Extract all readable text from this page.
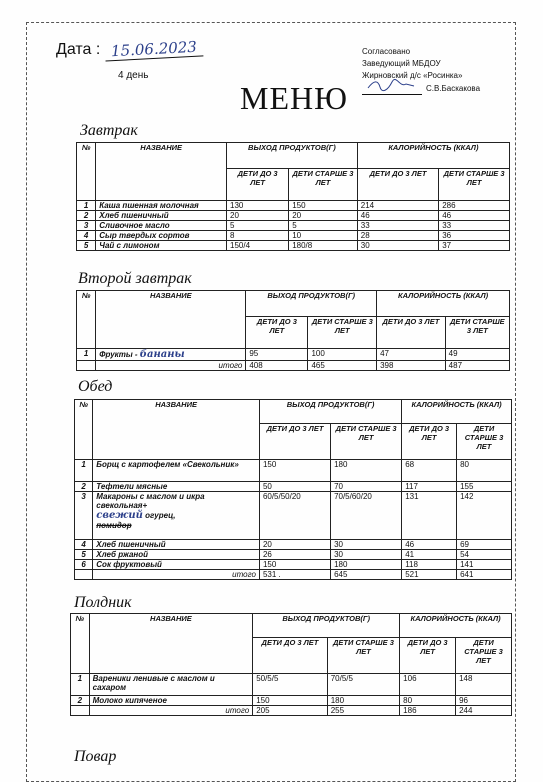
Дата : 15.06.2023
4 день
Согласовано
Заведующий МБДОУ
Жирновский д/с «Росинка»
С.В.Баскакова
МЕНЮ
Завтрак
№	НАЗВАНИЕ	ВЫХОД ПРОДУКТОВ(Г)		КАЛОРИЙНОСТЬ (ККАЛ)	
		ДЕТИ ДО 3 ЛЕТ	ДЕТИ СТАРШЕ 3 ЛЕТ	ДЕТИ ДО 3 ЛЕТ	ДЕТИ СТАРШЕ 3 ЛЕТ
1	Каша пшенная молочная	130	150	214	286
2	Хлеб пшеничный	20	20	46	46
3	Сливочное масло	5	5	33	33
4	Сыр твердых сортов	8	10	28	36
5	Чай с лимоном	150/4	180/8	30	37
Второй завтрак
№	НАЗВАНИЕ	ВЫХОД ПРОДУКТОВ(Г)		КАЛОРИЙНОСТЬ (ККАЛ)	
		ДЕТИ ДО 3 ЛЕТ	ДЕТИ СТАРШЕ 3 ЛЕТ	ДЕТИ ДО 3 ЛЕТ	ДЕТИ СТАРШЕ 3 ЛЕТ
1	Фрукты - бананы	95	100	47	49
	итого	408	465	398	487
Обед
№	НАЗВАНИЕ	ВЫХОД ПРОДУКТОВ(Г)		КАЛОРИЙНОСТЬ (ККАЛ)	
		ДЕТИ ДО 3 ЛЕТ	ДЕТИ СТАРШЕ 3 ЛЕТ	ДЕТИ ДО 3 ЛЕТ	ДЕТИ СТАРШЕ 3 ЛЕТ
1	Борщ с картофелем «Свекольник»	150	180	68	80
2	Тефтели мясные	50	70	117	155
3	Макароны с маслом и икра свекольная+
свежий огурец,
помидор	60/5/50/20	70/5/60/20	131	142
4	Хлеб пшеничный	20	30	46	69
5	Хлеб ржаной	26	30	41	54
6	Сок фруктовый	150	180	118	141
	итого	531 .	645	521	641
Полдник
№	НАЗВАНИЕ	ВЫХОД ПРОДУКТОВ(Г)		КАЛОРИЙНОСТЬ (ККАЛ)	
		ДЕТИ ДО 3 ЛЕТ	ДЕТИ СТАРШЕ 3 ЛЕТ	ДЕТИ ДО 3 ЛЕТ	ДЕТИ СТАРШЕ 3 ЛЕТ
1	Вареники ленивые с маслом и сахаром	50/5/5	70/5/5	106	148
2	Молоко кипяченое	150	180	80	96
	итого	205	255	186	244
Повар
